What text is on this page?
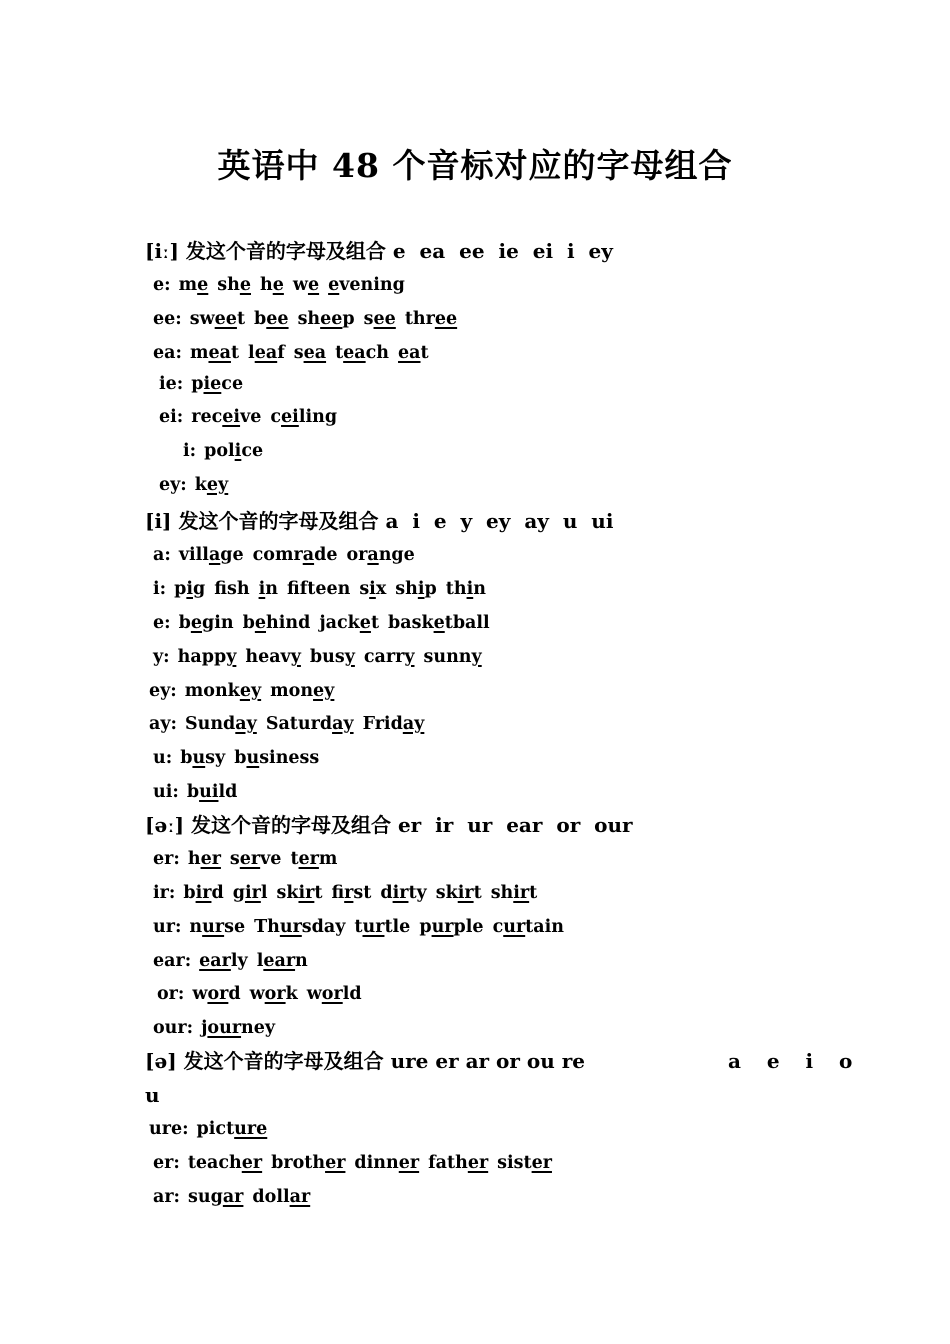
英语中 48 个音标对应的字母组合
[iː] 发这个音的字母及组合 e  ea  ee  ie  ei  i  ey
e: me she he we evening
ee: sweet bee sheep see three
ea: meat leaf sea teach eat
ie: piece
ei: receive ceiling
i: police
ey: key
[i] 发这个音的字母及组合 a  i  e  y  ey  ay  u  ui
a: village comrade orange
i: pig fsh in ffteen six ship thin
e: begin behind jacket basketball
y: happy heavy busy carry sunny
ey: monkey money
ay: Sunday Saturday Friday
u: busy business
ui: build
[əː] 发这个音的字母及组合 er  ir  ur  ear  or  our
er: her serve term
ir: bird girl skirt first dirty skirt shirt
ur: nurse Thursday turtle purple curtain
ear: early learn
or: word work world
our: journey
[ə] 发这个音的字母及组合 ure er ar or ou re	a  e  i  o
u
ure: picture
er: teacher brother dinner father sister
ar: sugar dollar
